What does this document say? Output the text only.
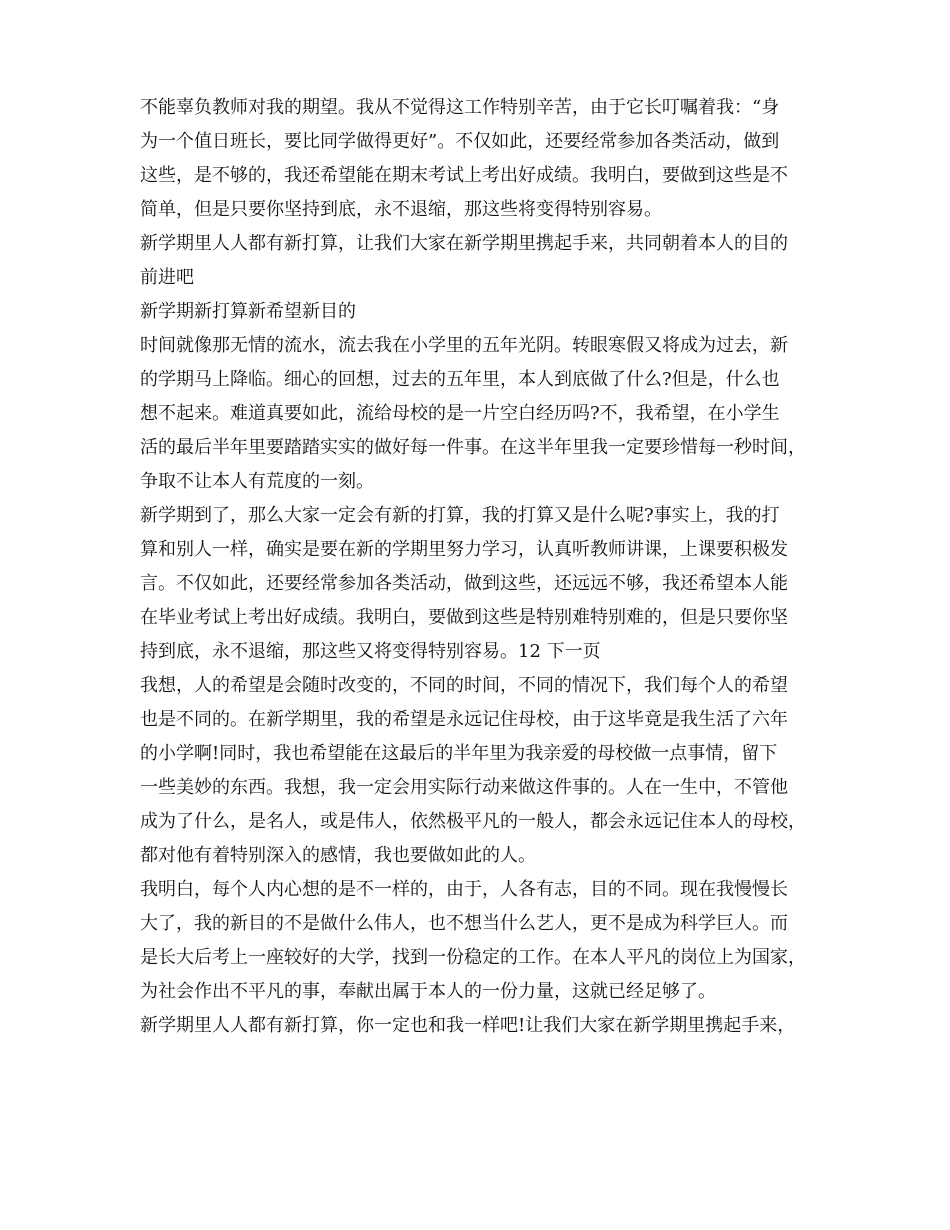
不能辜负教师对我的期望。我从不觉得这工作特别辛苦，由于它长叮嘱着我：“身
为一个值日班长，要比同学做得更好”。不仅如此，还要经常参加各类活动，做到
这些，是不够的，我还希望能在期末考试上考出好成绩。我明白，要做到这些是不
简单，但是只要你坚持到底，永不退缩，那这些将变得特别容易。
新学期里人人都有新打算，让我们大家在新学期里携起手来，共同朝着本人的目的
前进吧
新学期新打算新希望新目的
时间就像那无情的流水，流去我在小学里的五年光阴。转眼寒假又将成为过去，新
的学期马上降临。细心的回想，过去的五年里，本人到底做了什么?但是，什么也
想不起来。难道真要如此，流给母校的是一片空白经历吗?不，我希望，在小学生
活的最后半年里要踏踏实实的做好每一件事。在这半年里我一定要珍惜每一秒时间，
争取不让本人有荒度的一刻。
新学期到了，那么大家一定会有新的打算，我的打算又是什么呢?事实上，我的打
算和别人一样，确实是要在新的学期里努力学习，认真听教师讲课，上课要积极发
言。不仅如此，还要经常参加各类活动，做到这些，还远远不够，我还希望本人能
在毕业考试上考出好成绩。我明白，要做到这些是特别难特别难的，但是只要你坚
持到底，永不退缩，那这些又将变得特别容易。12 下一页
我想，人的希望是会随时改变的，不同的时间，不同的情况下，我们每个人的希望
也是不同的。在新学期里，我的希望是永远记住母校，由于这毕竟是我生活了六年
的小学啊!同时，我也希望能在这最后的半年里为我亲爱的母校做一点事情，留下
一些美妙的东西。我想，我一定会用实际行动来做这件事的。人在一生中，不管他
成为了什么，是名人，或是伟人，依然极平凡的一般人，都会永远记住本人的母校，
都对他有着特别深入的感情，我也要做如此的人。
我明白，每个人内心想的是不一样的，由于，人各有志，目的不同。现在我慢慢长
大了，我的新目的不是做什么伟人，也不想当什么艺人，更不是成为科学巨人。而
是长大后考上一座较好的大学，找到一份稳定的工作。在本人平凡的岗位上为国家，
为社会作出不平凡的事，奉献出属于本人的一份力量，这就已经足够了。
新学期里人人都有新打算，你一定也和我一样吧!让我们大家在新学期里携起手来，
